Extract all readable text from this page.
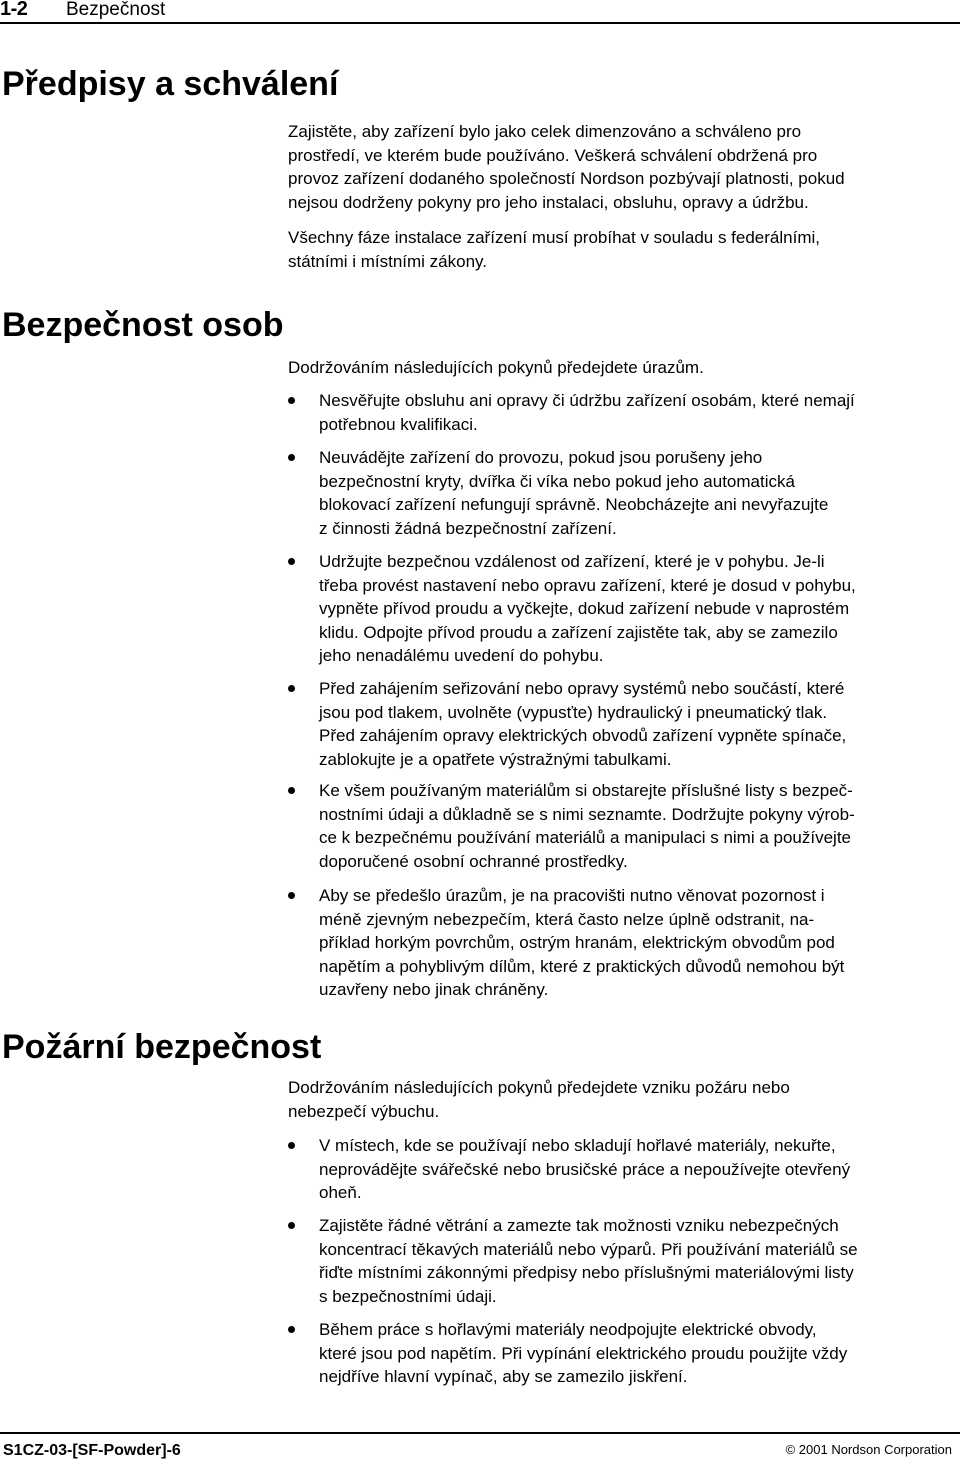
1-2 Bezpečnost
Předpisy a schválení

Zajistěte, aby zařízení bylo jako celek dimenzováno a schváleno pro
prostředí, ve kterém bude používáno. Veškerá schválení obdržená pro
provoz zařízení dodaného společností Nordson pozbývají platnosti, pokud
nejsou dodrženy pokyny pro jeho instalaci, obsluhu, opravy a údržbu.

Všechny fáze instalace zařízení musí probíhat v souladu s federálními,
státními i místními zákony.

Bezpečnost osob

Dodržováním následujících pokynů předejdete úrazům.

Nesvěřujte obsluhu ani opravy či údržbu zařízení osobám, které nemají
potřebnou kvalifikaci.
Neuvádějte zařízení do provozu, pokud jsou porušeny jeho
bezpečnostní kryty, dvířka či víka nebo pokud jeho automatická
blokovací zařízení nefungují správně. Neobcházejte ani nevyřazujte
z činnosti žádná bezpečnostní zařízení.
Udržujte bezpečnou vzdálenost od zařízení, které je v pohybu. Je-li
třeba provést nastavení nebo opravu zařízení, které je dosud v pohybu,
vypněte přívod proudu a vyčkejte, dokud zařízení nebude v naprostém
klidu. Odpojte přívod proudu a zařízení zajistěte tak, aby se zamezilo
jeho nenadálému uvedení do pohybu.
Před zahájením seřizování nebo opravy systémů nebo součástí, které
jsou pod tlakem, uvolněte (vypusťte) hydraulický i pneumatický tlak.
Před zahájením opravy elektrických obvodů zařízení vypněte spínače,
zablokujte je a opatřete výstražnými tabulkami.
Ke všem používaným materiálům si obstarejte příslušné listy s bezpeč-
nostními údaji a důkladně se s nimi seznamte. Dodržujte pokyny výrob-
ce k bezpečnému používání materiálů a manipulaci s nimi a používejte
doporučené osobní ochranné prostředky.
Aby se předešlo úrazům, je na pracovišti nutno věnovat pozornost i
méně zjevným nebezpečím, která často nelze úplně odstranit, na-
příklad horkým povrchům, ostrým hranám, elektrickým obvodům pod
napětím a pohyblivým dílům, které z praktických důvodů nemohou být
uzavřeny nebo jinak chráněny.
Požární bezpečnost

Dodržováním následujících pokynů předejdete vzniku požáru nebo
nebezpečí výbuchu.

V místech, kde se používají nebo skladují hořlavé materiály, nekuřte,
neprovádějte svářečské nebo brusičské práce a nepoužívejte otevřený
oheň.
Zajistěte řádné větrání a zamezte tak možnosti vzniku nebezpečných
koncentrací těkavých materiálů nebo výparů. Při používání materiálů se
řiďte místními zákonnými předpisy nebo příslušnými materiálovými listy
s bezpečnostními údaji.
Během práce s hořlavými materiály neodpojujte elektrické obvody,
které jsou pod napětím. Při vypínání elektrického proudu použijte vždy
nejdříve hlavní vypínač, aby se zamezilo jiskření.
S1CZ-03-[SF-Powder]-6	© 2001 Nordson Corporation
